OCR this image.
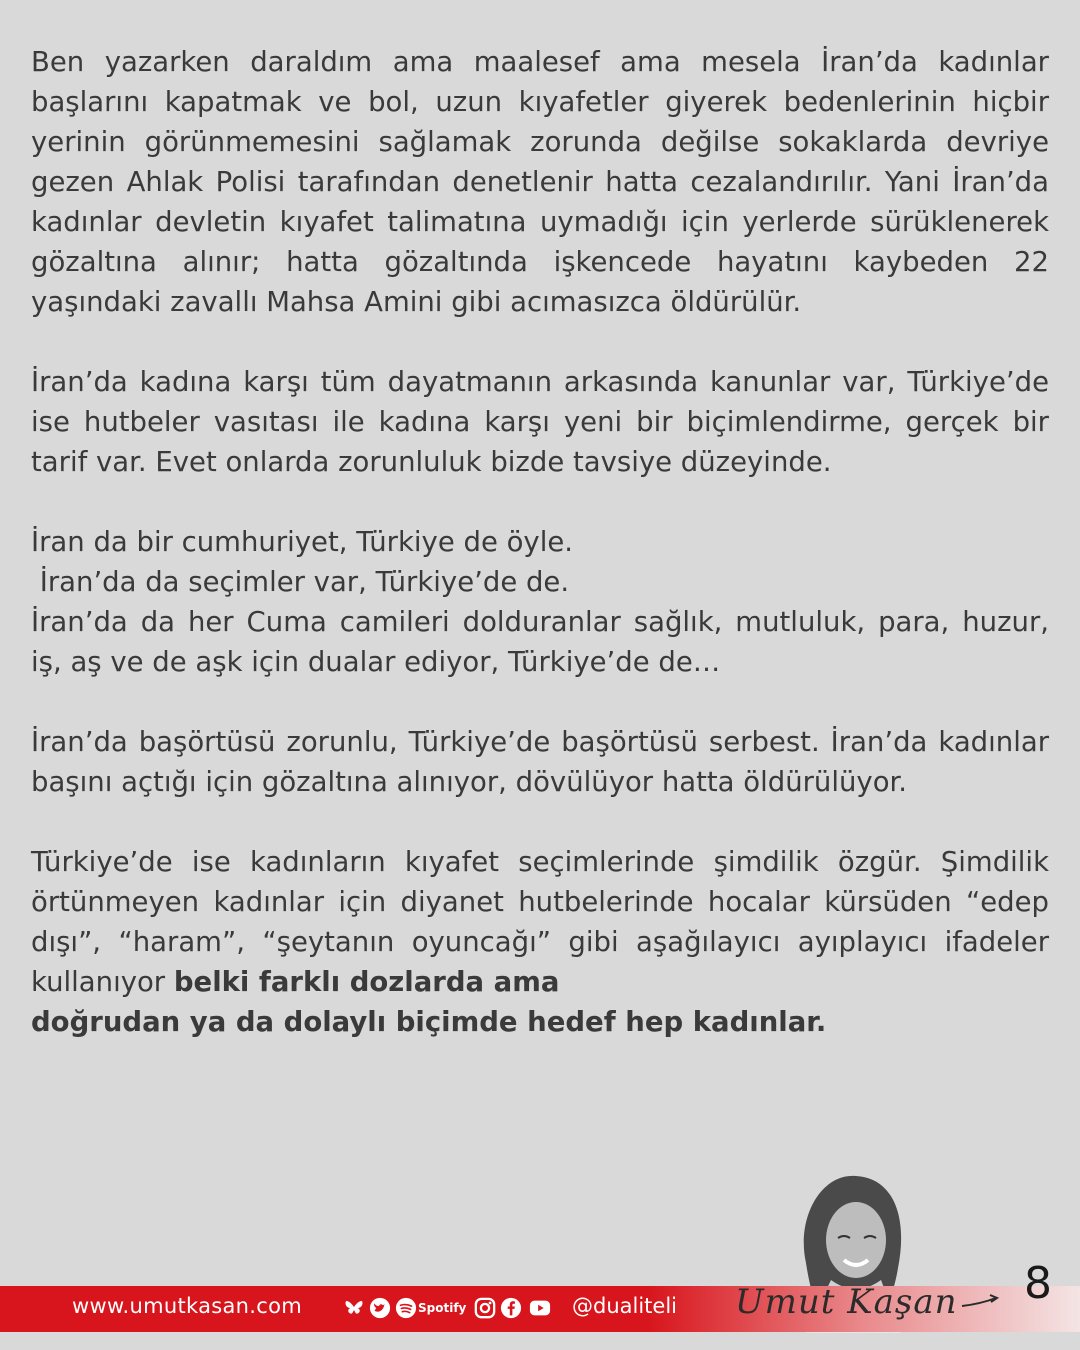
Ben yazarken daraldım ama maalesef ama mesela İran’da kadınlar başlarını kapatmak ve bol, uzun kıyafetler giyerek bedenlerinin hiçbir yerinin görünmemesini sağlamak zorunda değilse sokaklarda devriye gezen Ahlak Polisi tarafından denetlenir hatta cezalandırılır. Yani İran’da kadınlar devletin kıyafet talimatına uymadığı için yerlerde sürüklenerek gözaltına alınır; hatta gözaltında işkencede hayatını kaybeden 22 yaşındaki zavallı Mahsa Amini gibi acımasızca öldürülür.

İran’da kadına karşı tüm dayatmanın arkasında kanunlar var, Türkiye’de ise hutbeler vasıtası ile kadına karşı yeni bir biçimlendirme, gerçek bir tarif var. Evet onlarda zorunluluk bizde tavsiye düzeyinde.

İran da bir cumhuriyet, Türkiye de öyle.
İran’da da seçimler var, Türkiye’de de.
İran’da da her Cuma camileri dolduranlar sağlık, mutluluk, para, huzur, iş, aş ve de aşk için dualar ediyor, Türkiye’de de…

İran’da başörtüsü zorunlu, Türkiye’de başörtüsü serbest. İran’da kadınlar başını açtığı için gözaltına alınıyor, dövülüyor hatta öldürülüyor.

Türkiye’de ise kadınların kıyafet seçimlerinde şimdilik özgür. Şimdilik örtünmeyen kadınlar için diyanet hutbelerinde hocalar kürsüden “edep dışı”, “haram”, “şeytanın oyuncağı” gibi aşağılayıcı ayıplayıcı ifadeler kullanıyor belki farklı dozlarda ama
doğrudan ya da dolaylı biçimde hedef hep kadınlar.

www.umutkasan.com	Spotify	@dualiteli Umut Kaşan 8
